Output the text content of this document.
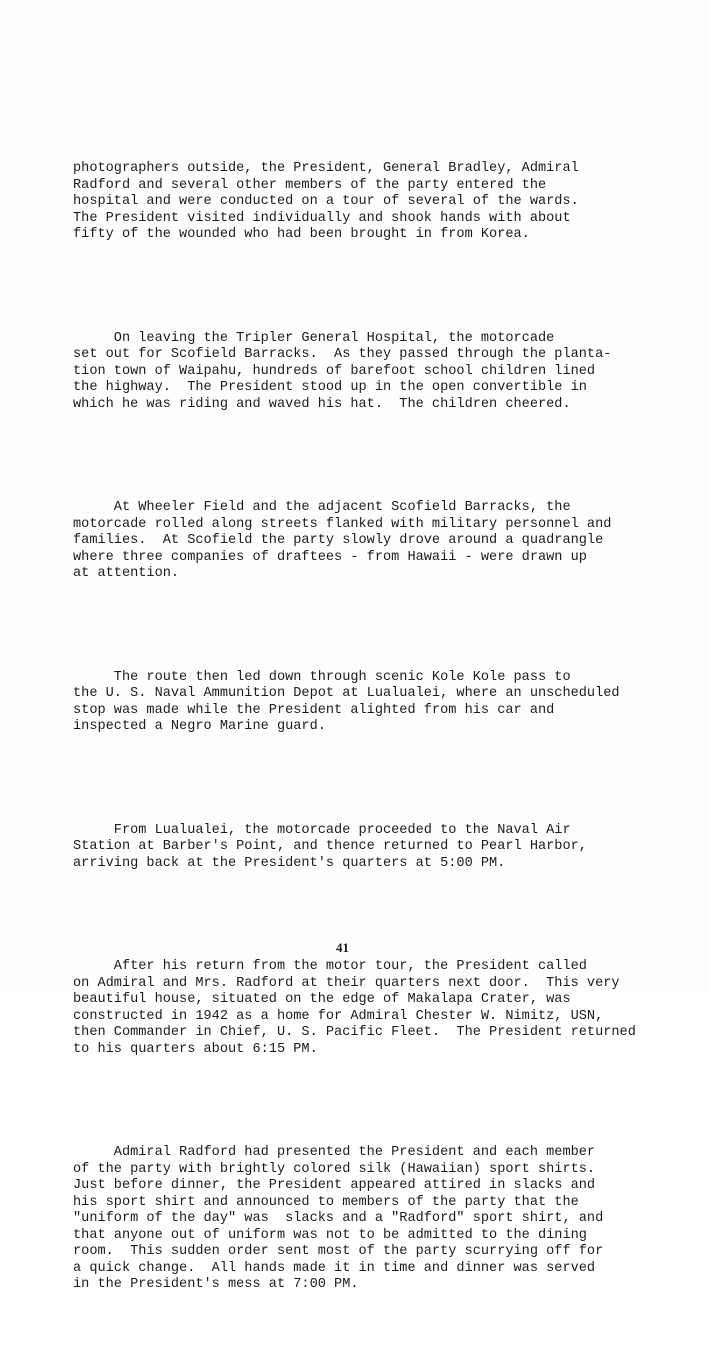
photographers outside, the President, General Bradley, Admiral
Radford and several other members of the party entered the
hospital and were conducted on a tour of several of the wards.
The President visited individually and shook hands with about
fifty of the wounded who had been brought in from Korea.

On leaving the Tripler General Hospital, the motorcade
set out for Scofield Barracks.  As they passed through the planta-
tion town of Waipahu, hundreds of barefoot school children lined
the highway.  The President stood up in the open convertible in
which he was riding and waved his hat.  The children cheered.

At Wheeler Field and the adjacent Scofield Barracks, the
motorcade rolled along streets flanked with military personnel and
families.  At Scofield the party slowly drove around a quadrangle
where three companies of draftees - from Hawaii - were drawn up
at attention.

The route then led down through scenic Kole Kole pass to
the U. S. Naval Ammunition Depot at Lualualei, where an unscheduled
stop was made while the President alighted from his car and
inspected a Negro Marine guard.

From Lualualei, the motorcade proceeded to the Naval Air
Station at Barber's Point, and thence returned to Pearl Harbor,
arriving back at the President's quarters at 5:00 PM.

After his return from the motor tour, the President called
on Admiral and Mrs. Radford at their quarters next door.  This very
beautiful house, situated on the edge of Makalapa Crater, was
constructed in 1942 as a home for Admiral Chester W. Nimitz, USN,
then Commander in Chief, U. S. Pacific Fleet.  The President returned
to his quarters about 6:15 PM.

Admiral Radford had presented the President and each member
of the party with brightly colored silk (Hawaiian) sport shirts.
Just before dinner, the President appeared attired in slacks and
his sport shirt and announced to members of the party that the
"uniform of the day" was  slacks and a "Radford" sport shirt, and
that anyone out of uniform was not to be admitted to the dining
room.  This sudden order sent most of the party scurrying off for
a quick change.  All hands made it in time and dinner was served
in the President's mess at 7:00 PM.

41
